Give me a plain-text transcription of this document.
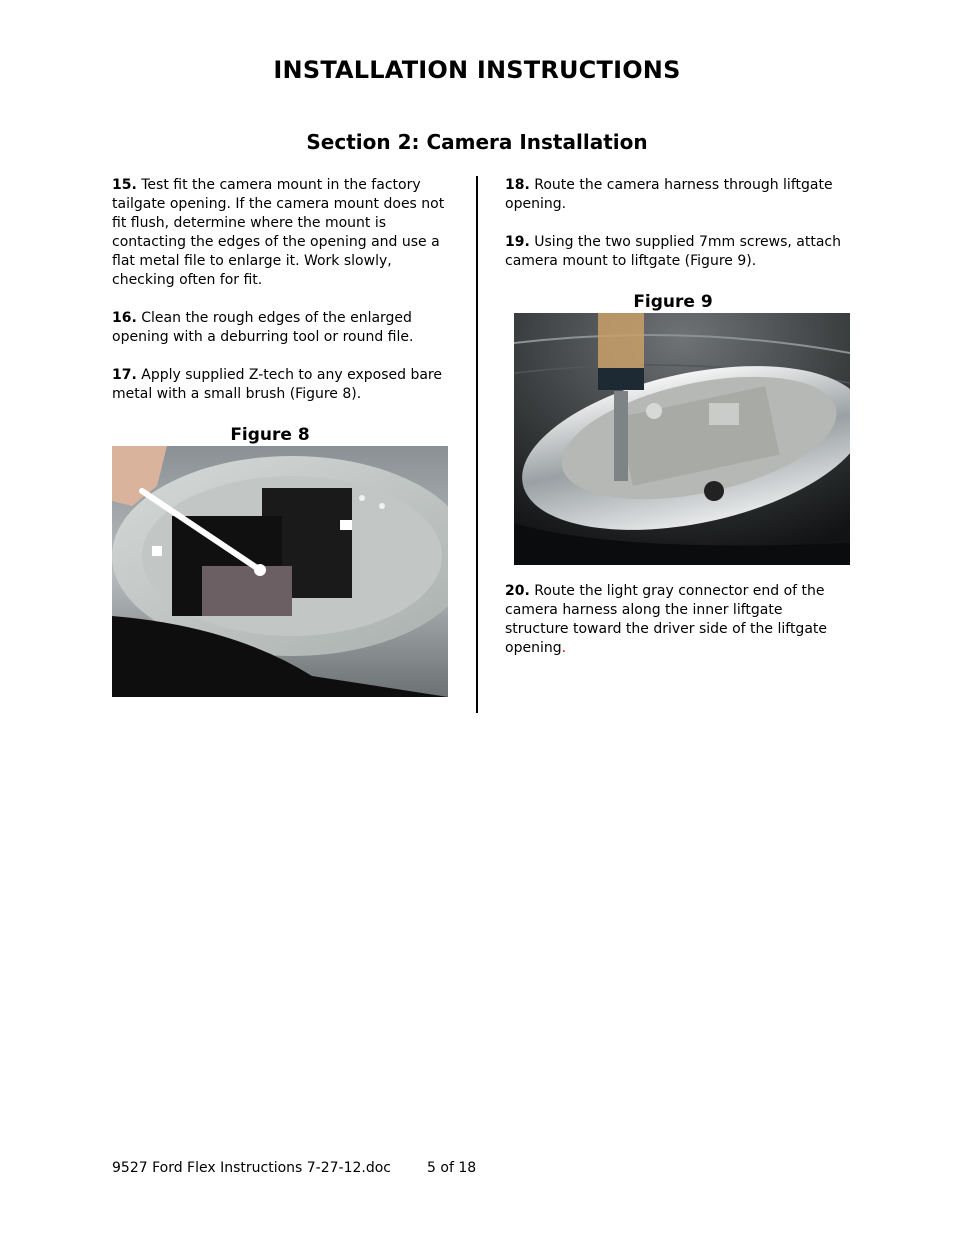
INSTALLATION INSTRUCTIONS
Section 2: Camera Installation

15. Test fit the camera mount in the factory tailgate opening. If the camera mount does not fit flush, determine where the mount is contacting the edges of the opening and use a flat metal file to enlarge it. Work slowly, checking often for fit.

16. Clean the rough edges of the enlarged opening with a deburring tool or round file.

17. Apply supplied Z-tech to any exposed bare metal with a small brush (Figure 8).

Figure 8

18. Route the camera harness through liftgate opening.

19. Using the two supplied 7mm screws, attach camera mount to liftgate (Figure 9).

Figure 9

20. Route the light gray connector end of the camera harness along the inner liftgate structure toward the driver side of the liftgate opening.

9527 Ford Flex Instructions 7-27-12.doc	5 of 18
